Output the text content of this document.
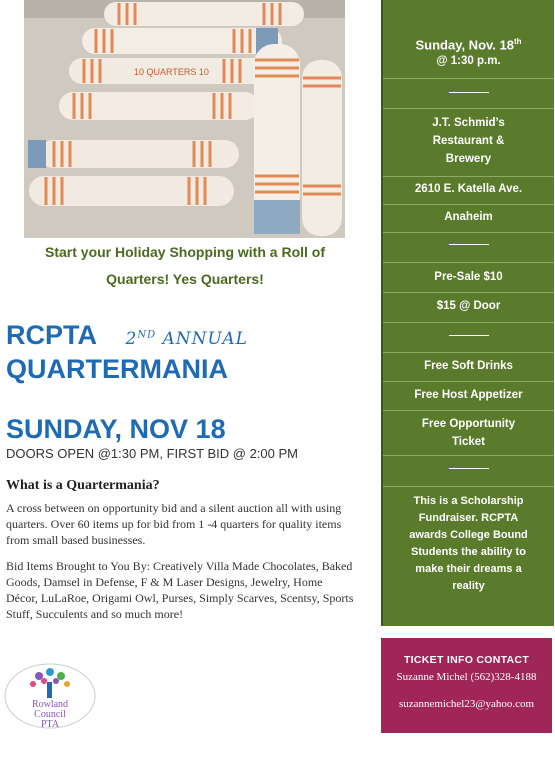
10 QUARTERS 10
Start your Holiday Shopping with a Roll of
Quarters! Yes Quarters!
RCPTA 2ND ANNUAL
QUARTERMANIA
SUNDAY, NOV 18
DOORS OPEN @1:30 PM, FIRST BID @ 2:00 PM
What is a Quartermania?
A cross between on opportunity bid and a silent auction all with using quarters. Over 60 items up for bid from 1 -4 quarters for quality items from small based businesses.
Bid Items Brought to You By: Creatively Villa Made Chocolates, Baked Goods, Damsel in Defense, F & M Laser Designs, Jewelry, Home Décor, LuLaRoe, Origami Owl, Purses, Simply Scarves, Scentsy, Sports Stuff, Succulents and so much more!
Rowland
Council
PTA
Sunday, Nov. 18th
@ 1:30 p.m.
J.T. Schmid’s
Restaurant &
Brewery
2610 E. Katella Ave.
Anaheim
Pre-Sale $10
$15 @ Door
Free Soft Drinks
Free Host Appetizer
Free Opportunity
Ticket
This is a Scholarship
Fundraiser. RCPTA
awards College Bound
Students the ability to
make their dreams a
reality
TICKET INFO CONTACT
Suzanne Michel (562)328-4188
suzannemichel23@yahoo.com
